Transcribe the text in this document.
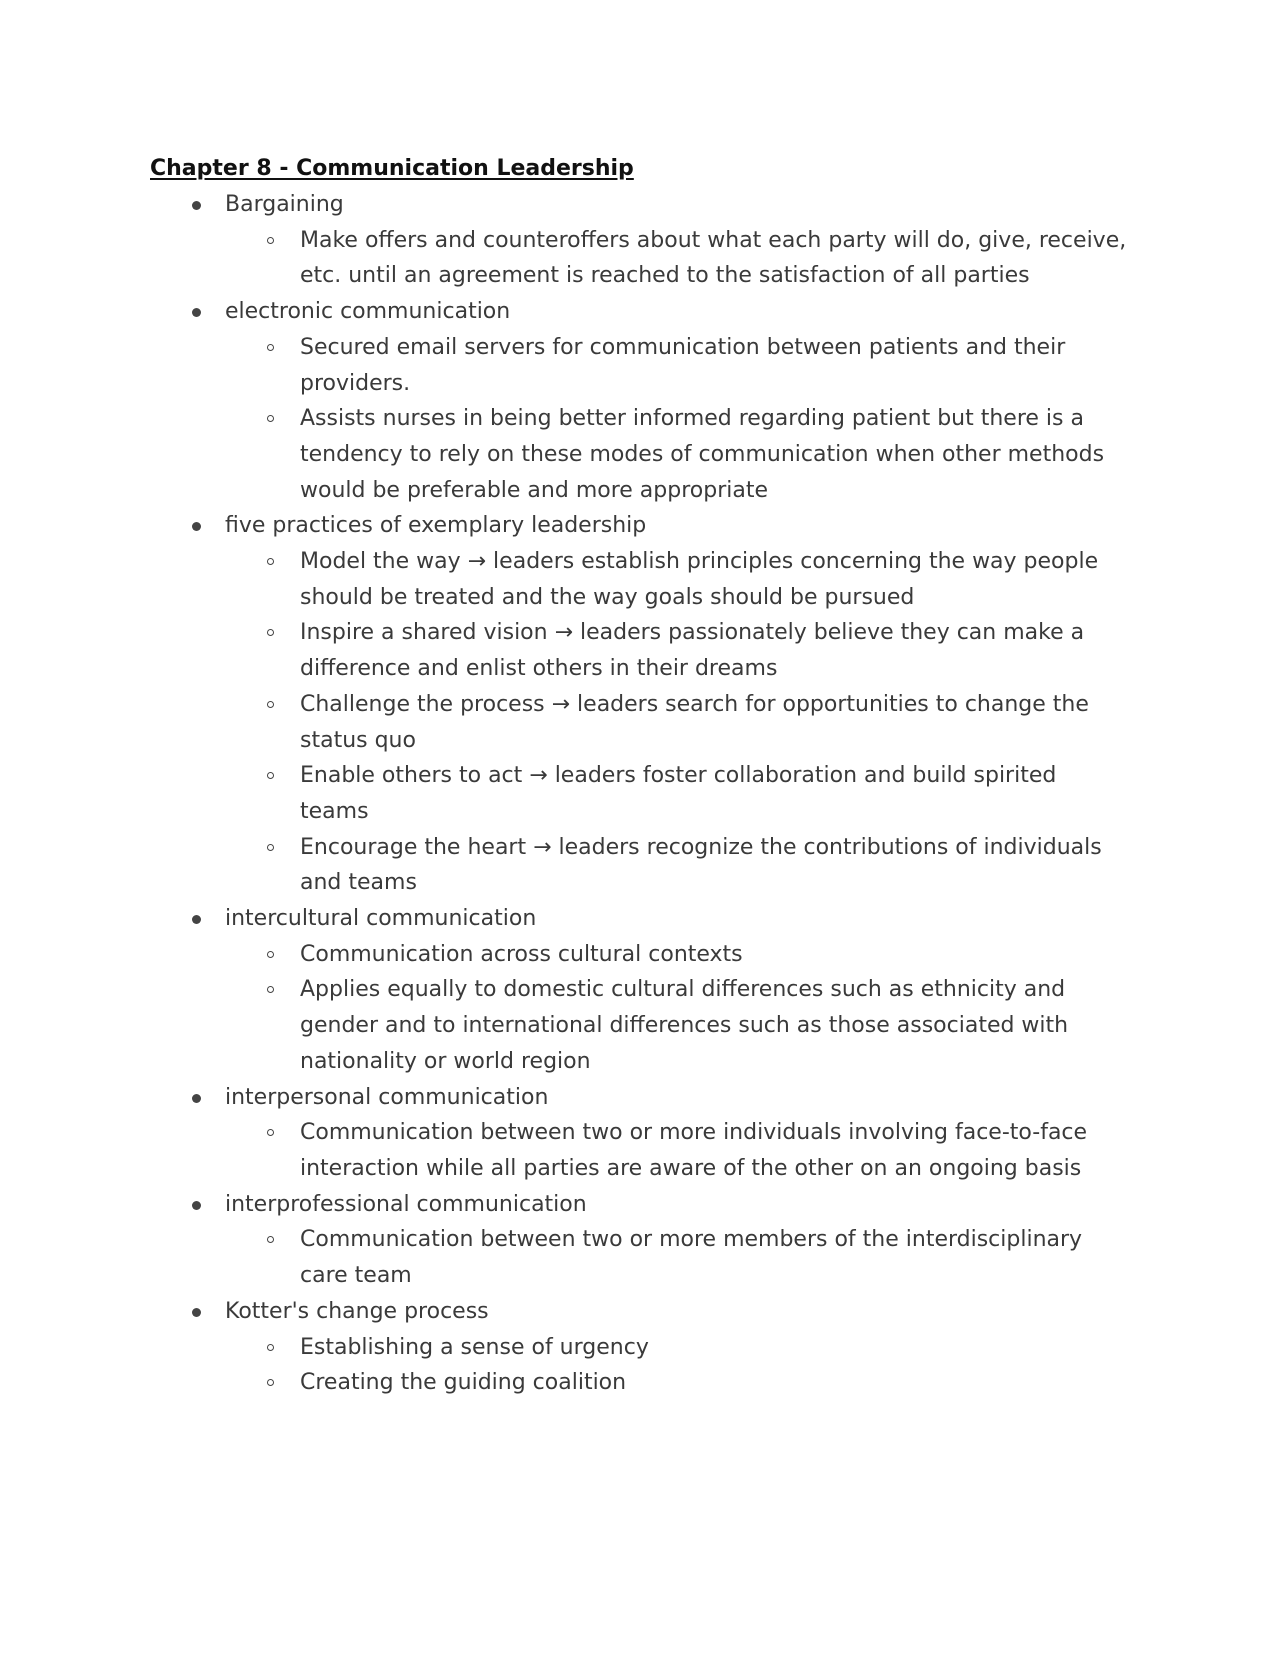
Chapter 8 - Communication Leadership
Bargaining
Make offers and counteroffers about what each party will do, give, receive, etc. until an agreement is reached to the satisfaction of all parties
electronic communication
Secured email servers for communication between patients and their providers.
Assists nurses in being better informed regarding patient but there is a tendency to rely on these modes of communication when other methods would be preferable and more appropriate
five practices of exemplary leadership
Model the way → leaders establish principles concerning the way people should be treated and the way goals should be pursued
Inspire a shared vision → leaders passionately believe they can make a difference and enlist others in their dreams
Challenge the process → leaders search for opportunities to change the status quo
Enable others to act → leaders foster collaboration and build spirited teams
Encourage the heart → leaders recognize the contributions of individuals and teams
intercultural communication
Communication across cultural contexts
Applies equally to domestic cultural differences such as ethnicity and gender and to international differences such as those associated with nationality or world region
interpersonal communication
Communication between two or more individuals involving face-to-face interaction while all parties are aware of the other on an ongoing basis
interprofessional communication
Communication between two or more members of the interdisciplinary care team
Kotter's change process
Establishing a sense of urgency
Creating the guiding coalition
